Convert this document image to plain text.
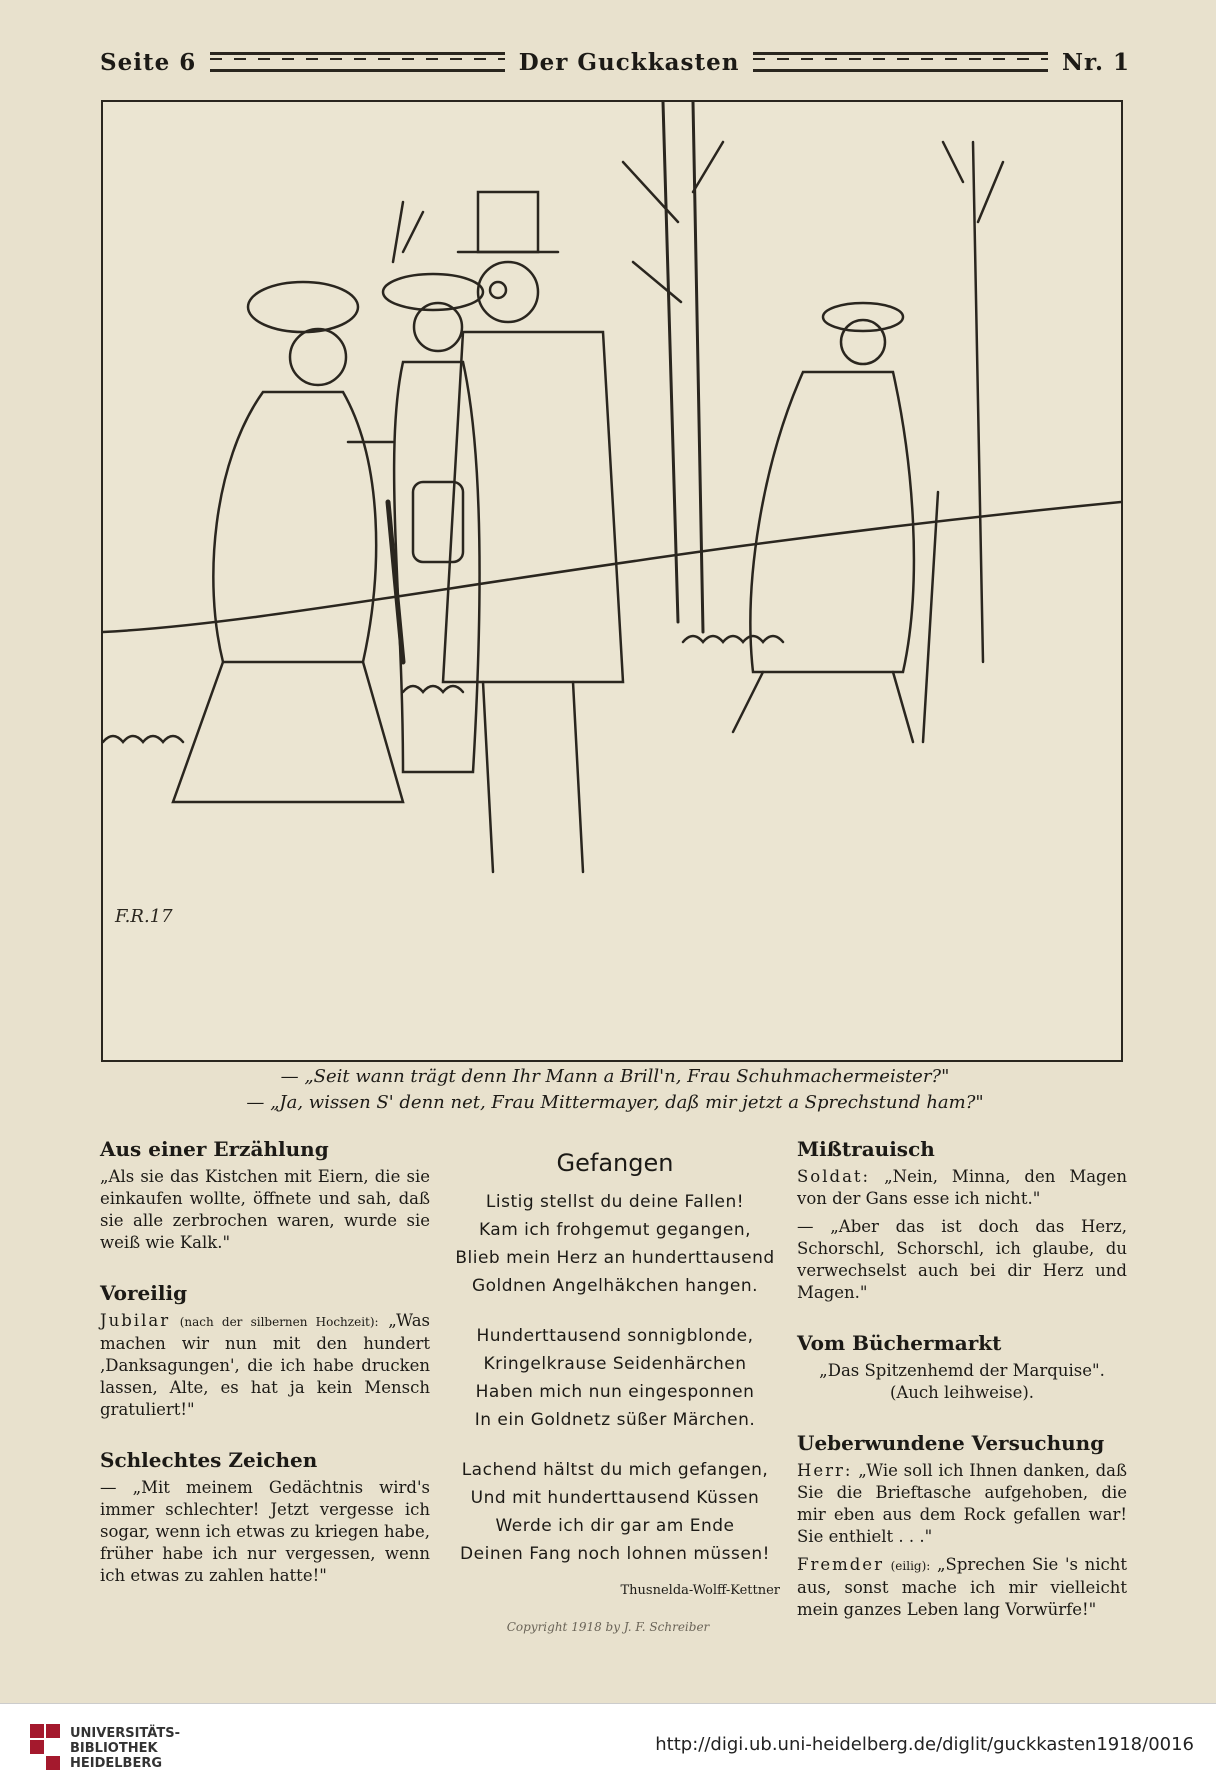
Seite 6	Der Guckkasten	Nr. 1
F.R.17
— „Seit wann trägt denn Ihr Mann a Brill'n, Frau Schuhmachermeister?"
— „Ja, wissen S' denn net, Frau Mittermayer, daß mir jetzt a Sprechstund ham?"
Aus einer Erzählung

„Als sie das Kistchen mit Eiern, die sie einkaufen wollte, öffnete und sah, daß sie alle zerbrochen waren, wurde sie weiß wie Kalk."

Voreilig

Jubilar (nach der silbernen Hochzeit): „Was machen wir nun mit den hundert ‚Danksagungen', die ich habe drucken lassen, Alte, es hat ja kein Mensch gratuliert!"

Schlechtes Zeichen

— „Mit meinem Gedächtnis wird's immer schlechter! Jetzt vergesse ich sogar, wenn ich etwas zu kriegen habe, früher habe ich nur vergessen, wenn ich etwas zu zahlen hatte!"

Gefangen
Listig stellst du deine Fallen!
Kam ich frohgemut gegangen,
Blieb mein Herz an hunderttausend
Goldnen Angelhäkchen hangen.
Hunderttausend sonnigblonde,
Kringelkrause Seidenhärchen
Haben mich nun eingesponnen
In ein Goldnetz süßer Märchen.
Lachend hältst du mich gefangen,
Und mit hunderttausend Küssen
Werde ich dir gar am Ende
Deinen Fang noch lohnen müssen!
Thusnelda-Wolff-Kettner
Mißtrauisch

Soldat: „Nein, Minna, den Magen von der Gans esse ich nicht."

— „Aber das ist doch das Herz, Schorschl, Schorschl, ich glaube, du verwechselst auch bei dir Herz und Magen."

Vom Büchermarkt
„Das Spitzenhemd der Marquise".
(Auch leihweise).
Ueberwundene Versuchung

Herr: „Wie soll ich Ihnen danken, daß Sie die Brieftasche aufgehoben, die mir eben aus dem Rock gefallen war! Sie enthielt . . ."

Fremder (eilig): „Sprechen Sie 's nicht aus, sonst mache ich mir vielleicht mein ganzes Leben lang Vorwürfe!"

Copyright 1918 by J. F. Schreiber
UNIVERSITÄTS-
BIBLIOTHEK
HEIDELBERG
http://digi.ub.uni-heidelberg.de/diglit/guckkasten1918/0016
